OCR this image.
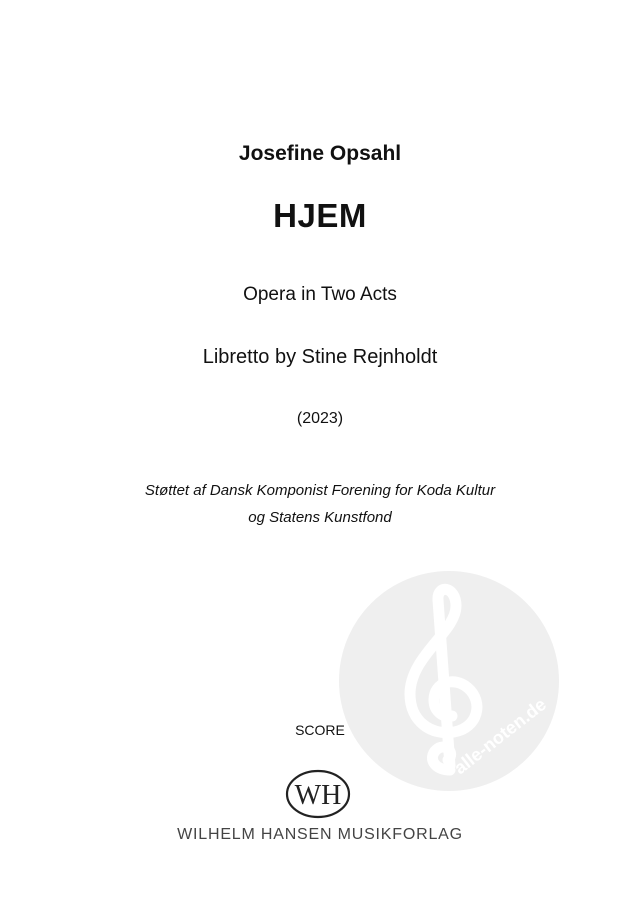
alle-noten.de
Josefine Opsahl
HJEM
Opera in Two Acts
Libretto by Stine Rejnholdt
(2023)
Støttet af Dansk Komponist Forening for Koda Kultur
og Statens Kunstfond
SCORE
WH
WILHELM HANSEN MUSIKFORLAG
